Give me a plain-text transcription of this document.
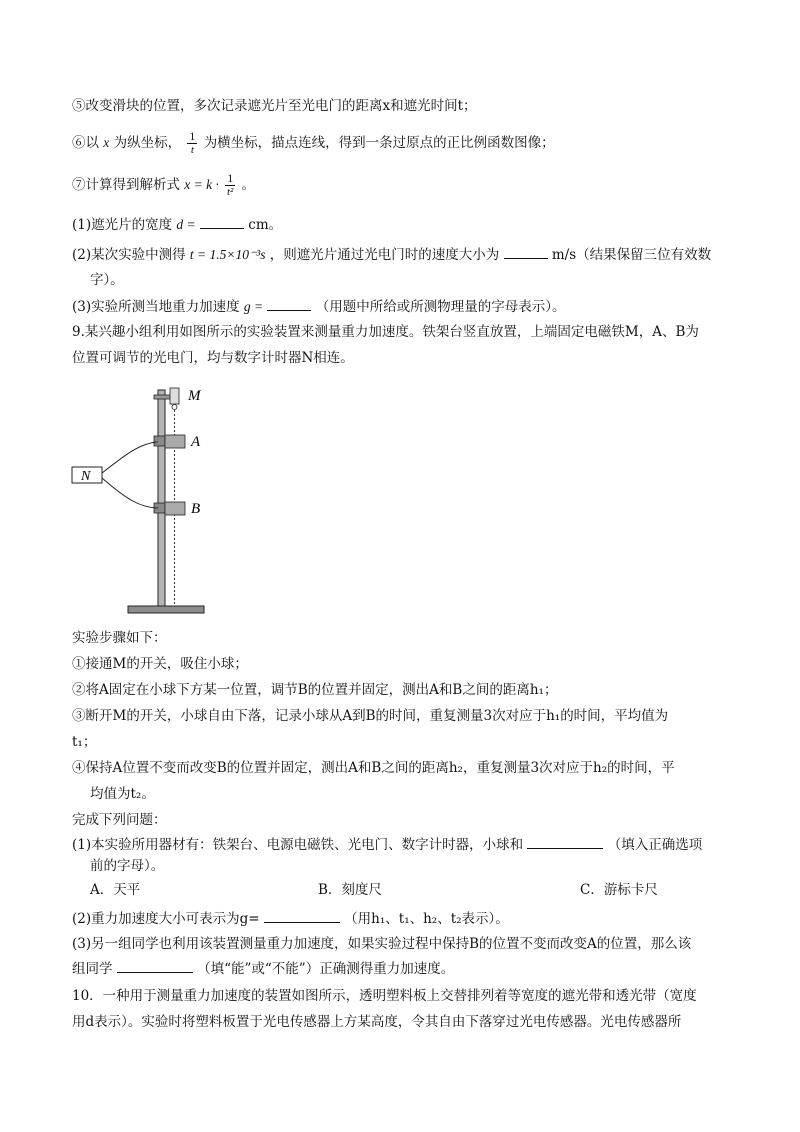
⑤改变滑块的位置，多次记录遮光片至光电门的距离x和遮光时间t；
⑥以 x 为纵坐标， $\frac{1}{t}$ 为横坐标，描点连线，得到一条过原点的正比例函数图像；
⑦计算得到解析式 $x = k \cdot \frac{1}{\text{t²}}$ 。
(1)遮光片的宽度 d =	cm。
(2)某次实验中测得 t = 1.5×10⁻³s ，则遮光片通过光电门时的速度大小为	m/s（结果保留三位有效数
字）。
(3)实验所测当地重力加速度 g =	（用题中所给或所测物理量的字母表示）。
9.某兴趣小组利用如图所示的实验装置来测量重力加速度。铁架台竖直放置，上端固定电磁铁M，A、B为
位置可调节的光电门，均与数字计时器N相连。
M
A
B
N
实验步骤如下：
①接通M的开关，吸住小球；
②将A固定在小球下方某一位置，调节B的位置并固定，测出A和B之间的距离h₁；
③断开M的开关，小球自由下落，记录小球从A到B的时间，重复测量3次对应于h₁的时间，平均值为
t₁；
④保持A位置不变而改变B的位置并固定，测出A和B之间的距离h₂，重复测量3次对应于h₂的时间，平
均值为t₂。
完成下列问题：
(1)本实验所用器材有：铁架台、电源电磁铁、光电门、数字计时器，小球和	（填入正确选项
前的字母）。
A．天平	B．刻度尺	C．游标卡尺
(2)重力加速度大小可表示为g=	（用h₁、t₁、h₂、t₂表示）。
(3)另一组同学也利用该装置测量重力加速度，如果实验过程中保持B的位置不变而改变A的位置，那么该
组同学	（填“能”或“不能”）正确测得重力加速度。
10．一种用于测量重力加速度的装置如图所示，透明塑料板上交替排列着等宽度的遮光带和透光带（宽度
用d表示）。实验时将塑料板置于光电传感器上方某高度，令其自由下落穿过光电传感器。光电传感器所
